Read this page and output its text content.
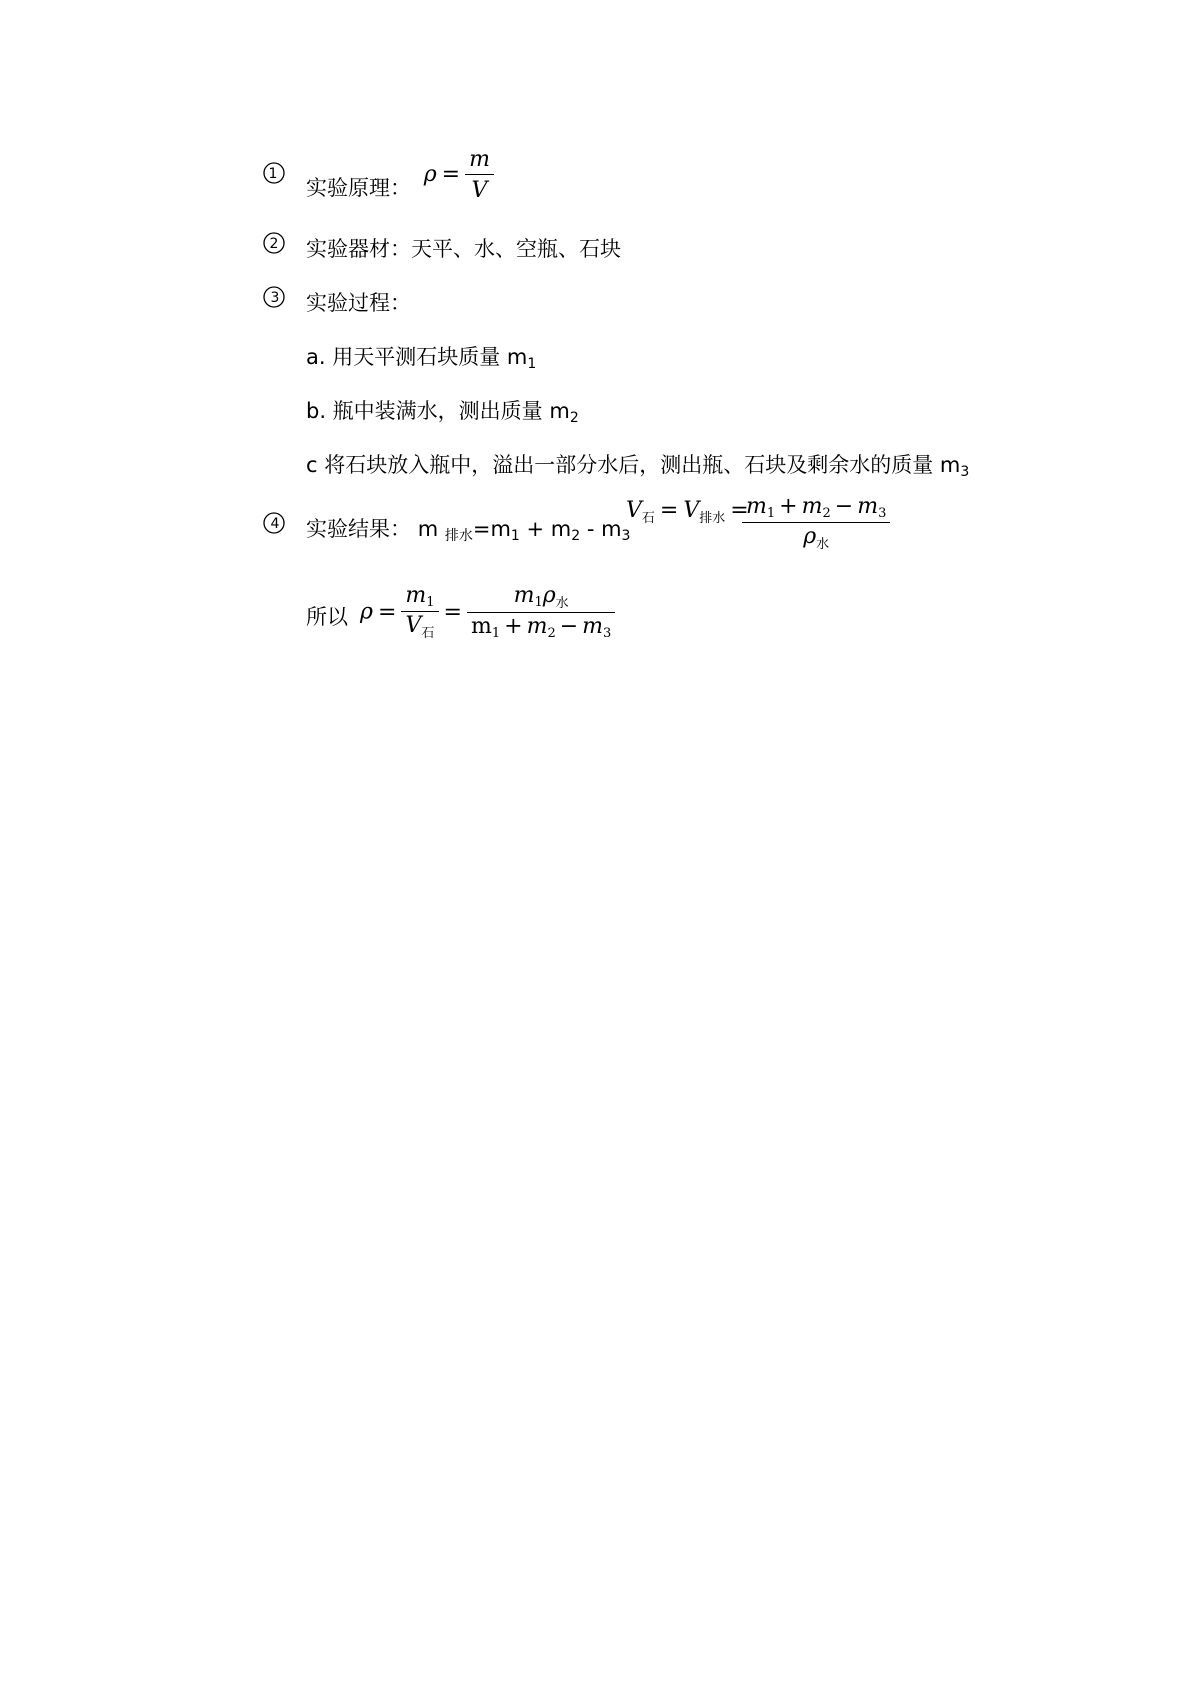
1
实验原理： $\rho = \frac{m}{V}$
2 实验器材：天平、水、空瓶、石块
3 实验过程：
a. 用天平测石块质量 $m_1$
b. 瓶中装满水，测出质量 $m_2$
c 将石块放入瓶中，溢出一部分水后，测出瓶、石块及剩余水的质量 $m_3$
4 实验结果： m $_{排水}=m_1 + m_2 - m_3$
$V_石 = V_{排水}$ =
$\frac{m_1 + m_2 - m_3}{\rho_水}$
所以 $\rho = \frac{m_1}{V_石} = \frac{m_1\rho_水}{m_1 + m_2 - m_3}$
